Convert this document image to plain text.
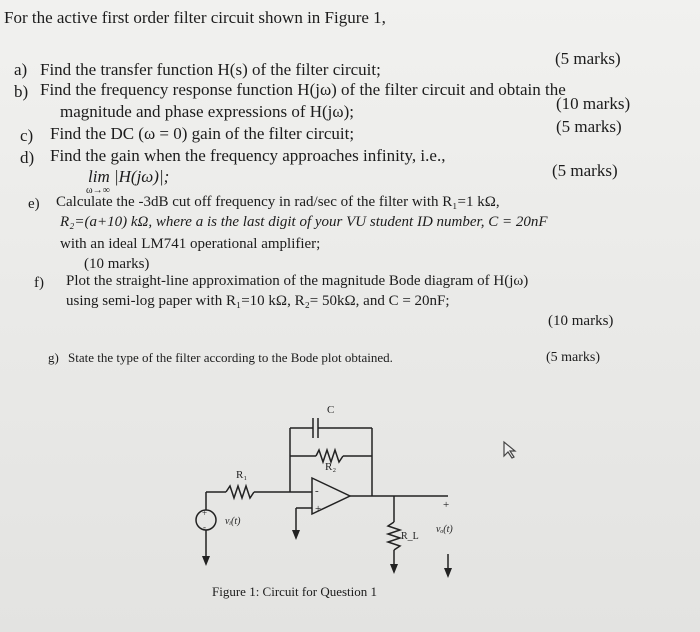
For the active first order filter circuit shown in Figure 1,
a) Find the transfer function H(s) of the filter circuit;
(5 marks)
b) Find the frequency response function H(jω) of the filter circuit and obtain the
magnitude and phase expressions of H(jω);	(10 marks)
c) Find the DC (ω = 0) gain of the filter circuit;	(5 marks)
d) Find the gain when the frequency approaches infinity, i.e.,
lim |H(jω)|;
ω→∞
(5 marks)
e) Calculate the -3dB cut off frequency in rad/sec of the filter with R₁=1 kΩ,
R₂=(a+10) kΩ, where a is the last digit of your VU student ID number, C = 20nF
with an ideal LM741 operational amplifier;
(10 marks)
f) Plot the straight-line approximation of the magnitude Bode diagram of H(jω)
using semi-log paper with R₁=10 kΩ, R₂= 50kΩ, and C = 20nF;
(10 marks)
g) State the type of the filter according to the Bode plot obtained.	(5 marks)
C
R₂
R₁
R_L
vᵢ(t)
vₒ(t)
-
+	+
+
-
Figure 1: Circuit for Question 1
